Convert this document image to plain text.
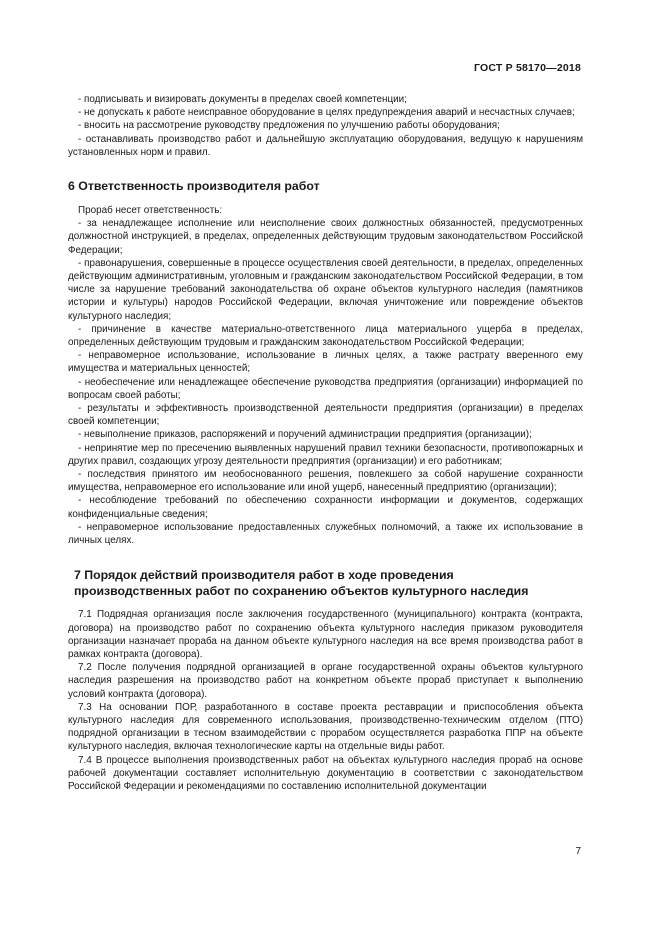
ГОСТ Р 58170—2018

- подписывать и визировать документы в пределах своей компетенции;

- не допускать к работе неисправное оборудование в целях предупреждения аварий и несчастных случаев;

- вносить на рассмотрение руководству предложения по улучшению работы оборудования;

- останавливать производство работ и дальнейшую эксплуатацию оборудования, ведущую к нарушениям установленных норм и правил.

6 Ответственность производителя работ

Прораб несет ответственность:

- за ненадлежащее исполнение или неисполнение своих должностных обязанностей, предусмотренных должностной инструкцией, в пределах, определенных действующим трудовым законодательством Российской Федерации;

- правонарушения, совершенные в процессе осуществления своей деятельности, в пределах, определенных действующим административным, уголовным и гражданским законодательством Российской Федерации, в том числе за нарушение требований законодательства об охране объектов культурного наследия (памятников истории и культуры) народов Российской Федерации, включая уничтожение или повреждение объектов культурного наследия;

- причинение в качестве материально-ответственного лица материального ущерба в пределах, определенных действующим трудовым и гражданским законодательством Российской Федерации;

- неправомерное использование, использование в личных целях, а также растрату вверенного ему имущества и материальных ценностей;

- необеспечение или ненадлежащее обеспечение руководства предприятия (организации) информацией по вопросам своей работы;

- результаты и эффективность производственной деятельности предприятия (организации) в пределах своей компетенции;

- невыполнение приказов, распоряжений и поручений администрации предприятия (организации);

- непринятие мер по пресечению выявленных нарушений правил техники безопасности, противопожарных и других правил, создающих угрозу деятельности предприятия (организации) и его работникам;

- последствия принятого им необоснованного решения, повлекшего за собой нарушение сохранности имущества, неправомерное его использование или иной ущерб, нанесенный предприятию (организации);

- несоблюдение требований по обеспечению сохранности информации и документов, содержащих конфиденциальные сведения;

- неправомерное использование предоставленных служебных полномочий, а также их использование в личных целях.

7 Порядок действий производителя работ в ходе проведения
производственных работ по сохранению объектов культурного наследия

7.1 Подрядная организация после заключения государственного (муниципального) контракта (контракта, договора) на производство работ по сохранению объекта культурного наследия приказом руководителя организации назначает прораба на данном объекте культурного наследия на все время производства работ в рамках контракта (договора).

7.2 После получения подрядной организацией в органе государственной охраны объектов культурного наследия разрешения на производство работ на конкретном объекте прораб приступает к выполнению условий контракта (договора).

7.3 На основании ПОР, разработанного в составе проекта реставрации и приспособления объекта культурного наследия для современного использования, производственно-техническим отделом (ПТО) подрядной организации в тесном взаимодействии с прорабом осуществляется разработка ППР на объекте культурного наследия, включая технологические карты на отдельные виды работ.

7.4 В процессе выполнения производственных работ на объектах культурного наследия прораб на основе рабочей документации составляет исполнительную документацию в соответствии с законодательством Российской Федерации и рекомендациями по составлению исполнительной документации

7
